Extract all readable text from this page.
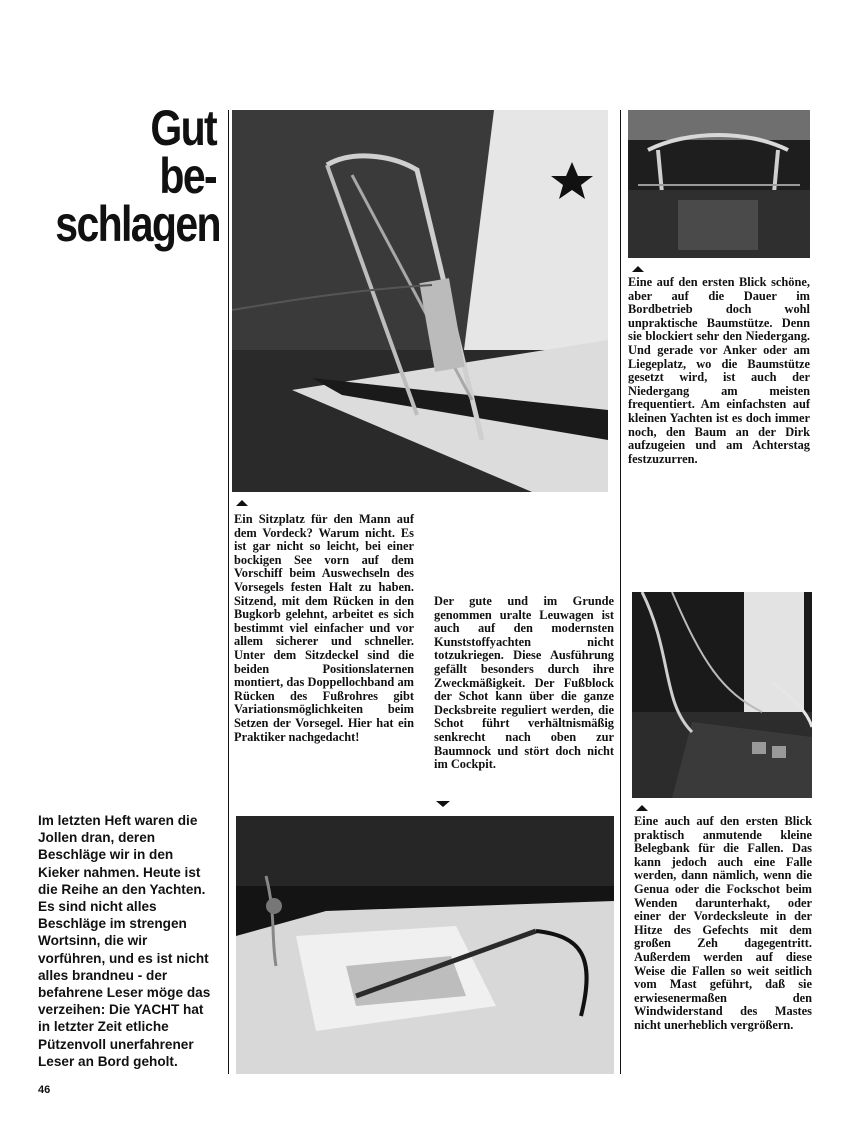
Gut
be-
schlagen

Ein Sitzplatz für den Mann auf dem Vordeck? Warum nicht. Es ist gar nicht so leicht, bei einer bockigen See vorn auf dem Vorschiff beim Auswechseln des Vorsegels festen Halt zu haben. Sitzend, mit dem Rücken in den Bugkorb gelehnt, arbeitet es sich bestimmt viel einfacher und vor allem sicherer und schneller. Unter dem Sitzdeckel sind die beiden Positionslaternen montiert, das Doppellochband am Rücken des Fußrohres gibt Variationsmöglichkeiten beim Setzen der Vorsegel. Hier hat ein Praktiker nachgedacht!

Der gute und im Grunde genommen uralte Leuwagen ist auch auf den modernsten Kunststoffyachten nicht totzukriegen. Diese Ausführung gefällt besonders durch ihre Zweckmäßigkeit. Der Fußblock der Schot kann über die ganze Decksbreite reguliert werden, die Schot führt verhältnismäßig senkrecht nach oben zur Baumnock und stört doch nicht im Cockpit.

Eine auf den ersten Blick schöne, aber auf die Dauer im Bordbetrieb doch wohl unpraktische Baumstütze. Denn sie blockiert sehr den Niedergang. Und gerade vor Anker oder am Liegeplatz, wo die Baumstütze gesetzt wird, ist auch der Niedergang am meisten frequentiert. Am einfachsten auf kleinen Yachten ist es doch immer noch, den Baum an der Dirk aufzugeien und am Achterstag festzuzurren.

Eine auch auf den ersten Blick praktisch anmutende kleine Belegbank für die Fallen. Das kann jedoch auch eine Falle werden, dann nämlich, wenn die Genua oder die Fockschot beim Wenden darunterhakt, oder einer der Vordecksleute in der Hitze des Gefechts mit dem großen Zeh dagegentritt. Außerdem werden auf diese Weise die Fallen so weit seitlich vom Mast geführt, daß sie erwiesenermaßen den Windwiderstand des Mastes nicht unerheblich vergrößern.

Im letzten Heft waren die Jollen dran, deren Beschläge wir in den Kieker nahmen. Heute ist die Reihe an den Yachten. Es sind nicht alles Beschläge im strengen Wortsinn, die wir vorführen, und es ist nicht alles brandneu - der befahrene Leser möge das verzeihen: Die YACHT hat in letzter Zeit etliche Pützenvoll unerfahrener Leser an Bord geholt.

46
